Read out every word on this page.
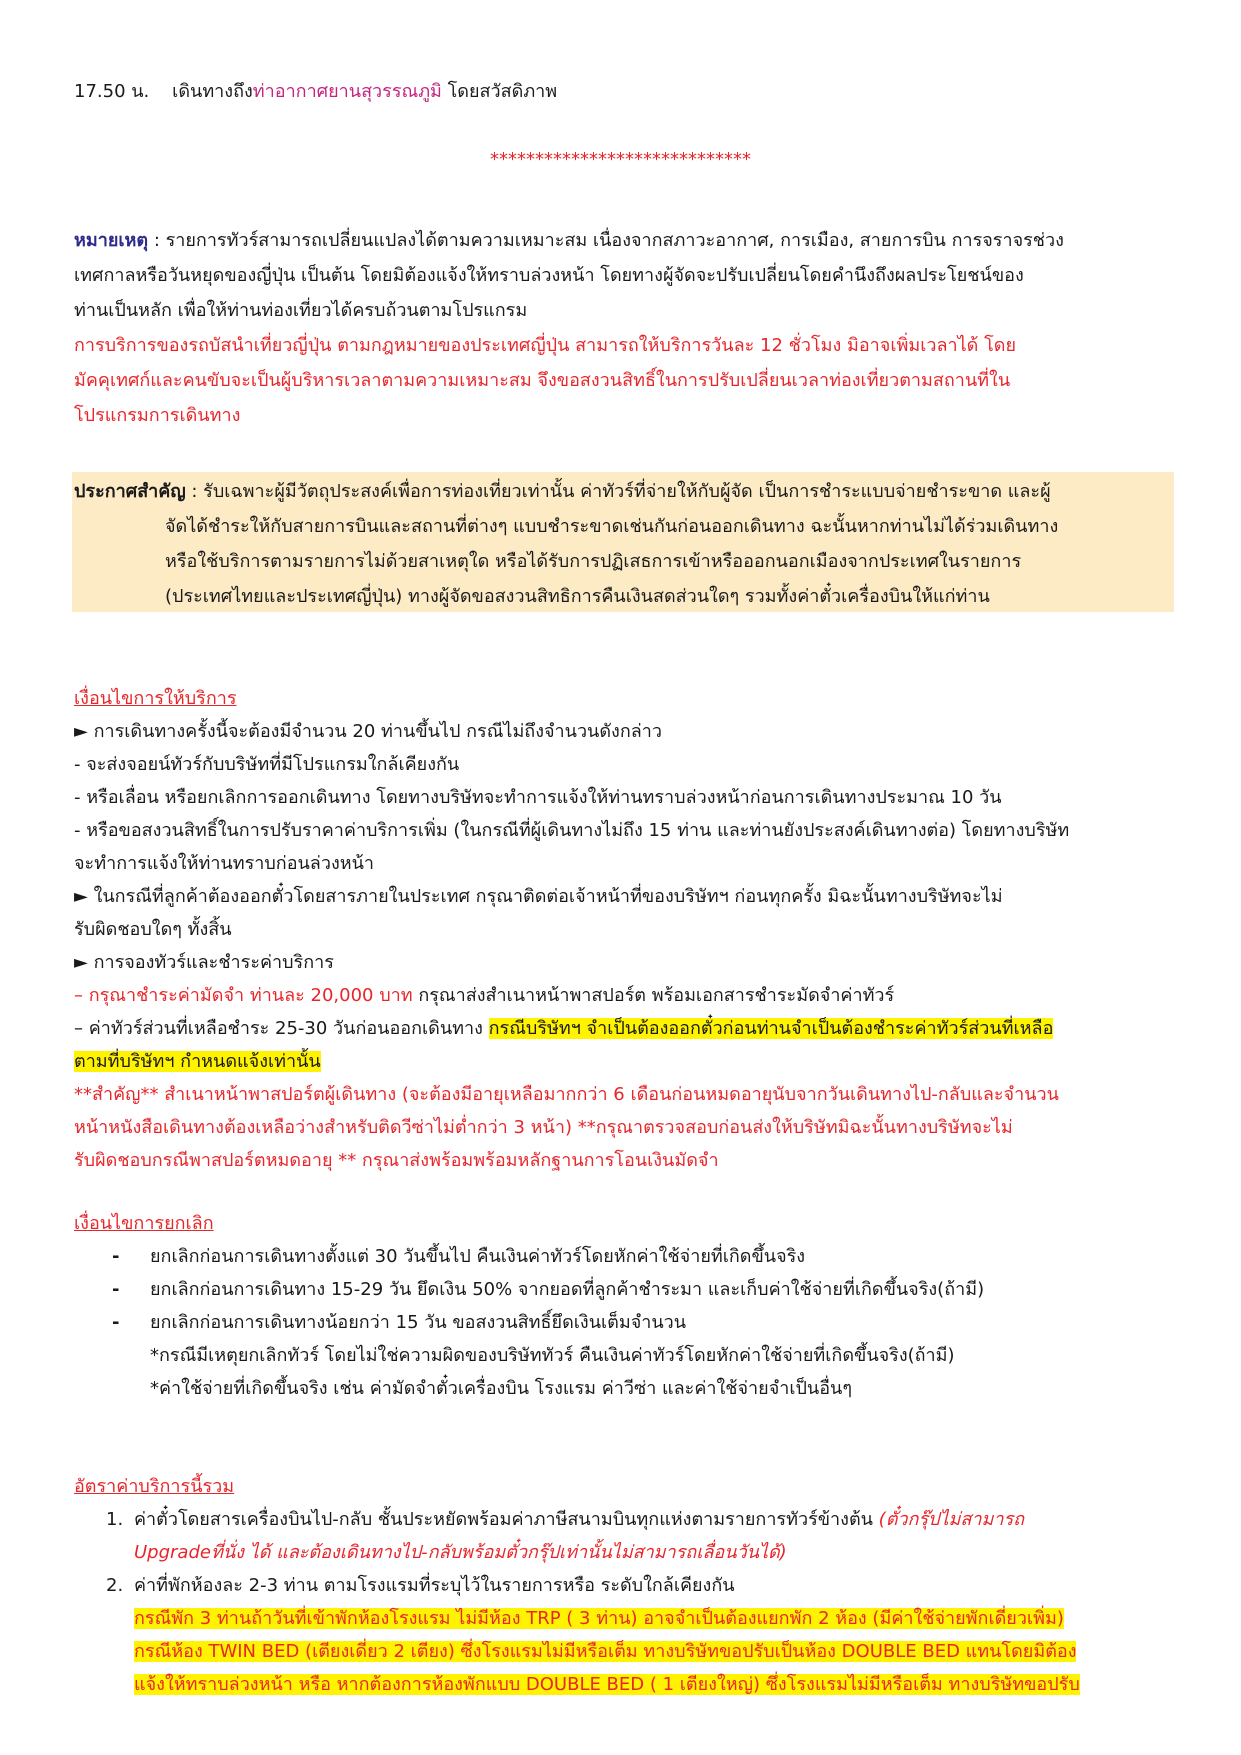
17.50 น. เดินทางถึงท่าอากาศยานสุวรรณภูมิ โดยสวัสดิภาพ
*****************************
หมายเหตุ : รายการทัวร์สามารถเปลี่ยนแปลงได้ตามความเหมาะสม เนื่องจากสภาวะอากาศ, การเมือง, สายการบิน การจราจรช่วง
เทศกาลหรือวันหยุดของญี่ปุ่น เป็นต้น โดยมิต้องแจ้งให้ทราบล่วงหน้า โดยทางผู้จัดจะปรับเปลี่ยนโดยคำนึงถึงผลประโยชน์ของ
ท่านเป็นหลัก เพื่อให้ท่านท่องเที่ยวได้ครบถ้วนตามโปรแกรม
การบริการของรถบัสนำเที่ยวญี่ปุ่น ตามกฎหมายของประเทศญี่ปุ่น สามารถให้บริการวันละ 12 ชั่วโมง มิอาจเพิ่มเวลาได้ โดย
มัคคุเทศก์และคนขับจะเป็นผู้บริหารเวลาตามความเหมาะสม จึงขอสงวนสิทธิ์ในการปรับเปลี่ยนเวลาท่องเที่ยวตามสถานที่ใน
โปรแกรมการเดินทาง
ประกาศสำคัญ : รับเฉพาะผู้มีวัตถุประสงค์เพื่อการท่องเที่ยวเท่านั้น ค่าทัวร์ที่จ่ายให้กับผู้จัด เป็นการชำระแบบจ่ายชำระขาด และผู้
จัดได้ชำระให้กับสายการบินและสถานที่ต่างๆ แบบชำระขาดเช่นกันก่อนออกเดินทาง ฉะนั้นหากท่านไม่ได้ร่วมเดินทาง
หรือใช้บริการตามรายการไม่ด้วยสาเหตุใด หรือได้รับการปฏิเสธการเข้าหรือออกนอกเมืองจากประเทศในรายการ
(ประเทศไทยและประเทศญี่ปุ่น) ทางผู้จัดขอสงวนสิทธิการคืนเงินสดส่วนใดๆ รวมทั้งค่าตั๋วเครื่องบินให้แก่ท่าน
เงื่อนไขการให้บริการ
► การเดินทางครั้งนี้จะต้องมีจำนวน 20 ท่านขึ้นไป กรณีไม่ถึงจำนวนดังกล่าว
- จะส่งจอยน์ทัวร์กับบริษัทที่มีโปรแกรมใกล้เคียงกัน
- หรือเลื่อน หรือยกเลิกการออกเดินทาง โดยทางบริษัทจะทำการแจ้งให้ท่านทราบล่วงหน้าก่อนการเดินทางประมาณ 10 วัน
- หรือขอสงวนสิทธิ์ในการปรับราคาค่าบริการเพิ่ม (ในกรณีที่ผู้เดินทางไม่ถึง 15 ท่าน และท่านยังประสงค์เดินทางต่อ) โดยทางบริษัท
จะทำการแจ้งให้ท่านทราบก่อนล่วงหน้า
► ในกรณีที่ลูกค้าต้องออกตั๋วโดยสารภายในประเทศ กรุณาติดต่อเจ้าหน้าที่ของบริษัทฯ ก่อนทุกครั้ง มิฉะนั้นทางบริษัทจะไม่
รับผิดชอบใดๆ ทั้งสิ้น
► การจองทัวร์และชำระค่าบริการ
– กรุณาชำระค่ามัดจำ ท่านละ 20,000 บาท กรุณาส่งสำเนาหน้าพาสปอร์ต พร้อมเอกสารชำระมัดจำค่าทัวร์
– ค่าทัวร์ส่วนที่เหลือชำระ 25-30 วันก่อนออกเดินทาง กรณีบริษัทฯ จำเป็นต้องออกตั๋วก่อนท่านจำเป็นต้องชำระค่าทัวร์ส่วนที่เหลือ
ตามที่บริษัทฯ กำหนดแจ้งเท่านั้น
**สำคัญ** สำเนาหน้าพาสปอร์ตผู้เดินทาง (จะต้องมีอายุเหลือมากกว่า 6 เดือนก่อนหมดอายุนับจากวันเดินทางไป-กลับและจำนวน
หน้าหนังสือเดินทางต้องเหลือว่างสำหรับติดวีซ่าไม่ต่ำกว่า 3 หน้า) **กรุณาตรวจสอบก่อนส่งให้บริษัทมิฉะนั้นทางบริษัทจะไม่
รับผิดชอบกรณีพาสปอร์ตหมดอายุ ** กรุณาส่งพร้อมพร้อมหลักฐานการโอนเงินมัดจำ
เงื่อนไขการยกเลิก
-	ยกเลิกก่อนการเดินทางตั้งแต่ 30 วันขึ้นไป คืนเงินค่าทัวร์โดยหักค่าใช้จ่ายที่เกิดขึ้นจริง
-	ยกเลิกก่อนการเดินทาง 15-29 วัน ยึดเงิน 50% จากยอดที่ลูกค้าชำระมา และเก็บค่าใช้จ่ายที่เกิดขึ้นจริง(ถ้ามี)
-	ยกเลิกก่อนการเดินทางน้อยกว่า 15 วัน ขอสงวนสิทธิ์ยึดเงินเต็มจำนวน
*กรณีมีเหตุยกเลิกทัวร์ โดยไม่ใช่ความผิดของบริษัททัวร์ คืนเงินค่าทัวร์โดยหักค่าใช้จ่ายที่เกิดขึ้นจริง(ถ้ามี)
*ค่าใช้จ่ายที่เกิดขึ้นจริง เช่น ค่ามัดจำตั๋วเครื่องบิน โรงแรม ค่าวีซ่า และค่าใช้จ่ายจำเป็นอื่นๆ
อัตราค่าบริการนี้รวม
1. ค่าตั๋วโดยสารเครื่องบินไป-กลับ ชั้นประหยัดพร้อมค่าภาษีสนามบินทุกแห่งตามรายการทัวร์ข้างต้น (ตั๋วกรุ๊ปไม่สามารถ
Upgradeที่นั่ง ได้ และต้องเดินทางไป-กลับพร้อมตั๋วกรุ๊ปเท่านั้นไม่สามารถเลื่อนวันได้)
2. ค่าที่พักห้องละ 2-3 ท่าน ตามโรงแรมที่ระบุไว้ในรายการหรือ ระดับใกล้เคียงกัน
กรณีพัก 3 ท่านถ้าวันที่เข้าพักห้องโรงแรม ไม่มีห้อง TRP ( 3 ท่าน) อาจจำเป็นต้องแยกพัก 2 ห้อง (มีค่าใช้จ่ายพักเดี่ยวเพิ่ม)
กรณีห้อง TWIN BED (เตียงเดี่ยว 2 เตียง) ซึ่งโรงแรมไม่มีหรือเต็ม ทางบริษัทขอปรับเป็นห้อง DOUBLE BED แทนโดยมิต้อง
แจ้งให้ทราบล่วงหน้า หรือ หากต้องการห้องพักแบบ DOUBLE BED ( 1 เตียงใหญ่) ซึ่งโรงแรมไม่มีหรือเต็ม ทางบริษัทขอปรับ
